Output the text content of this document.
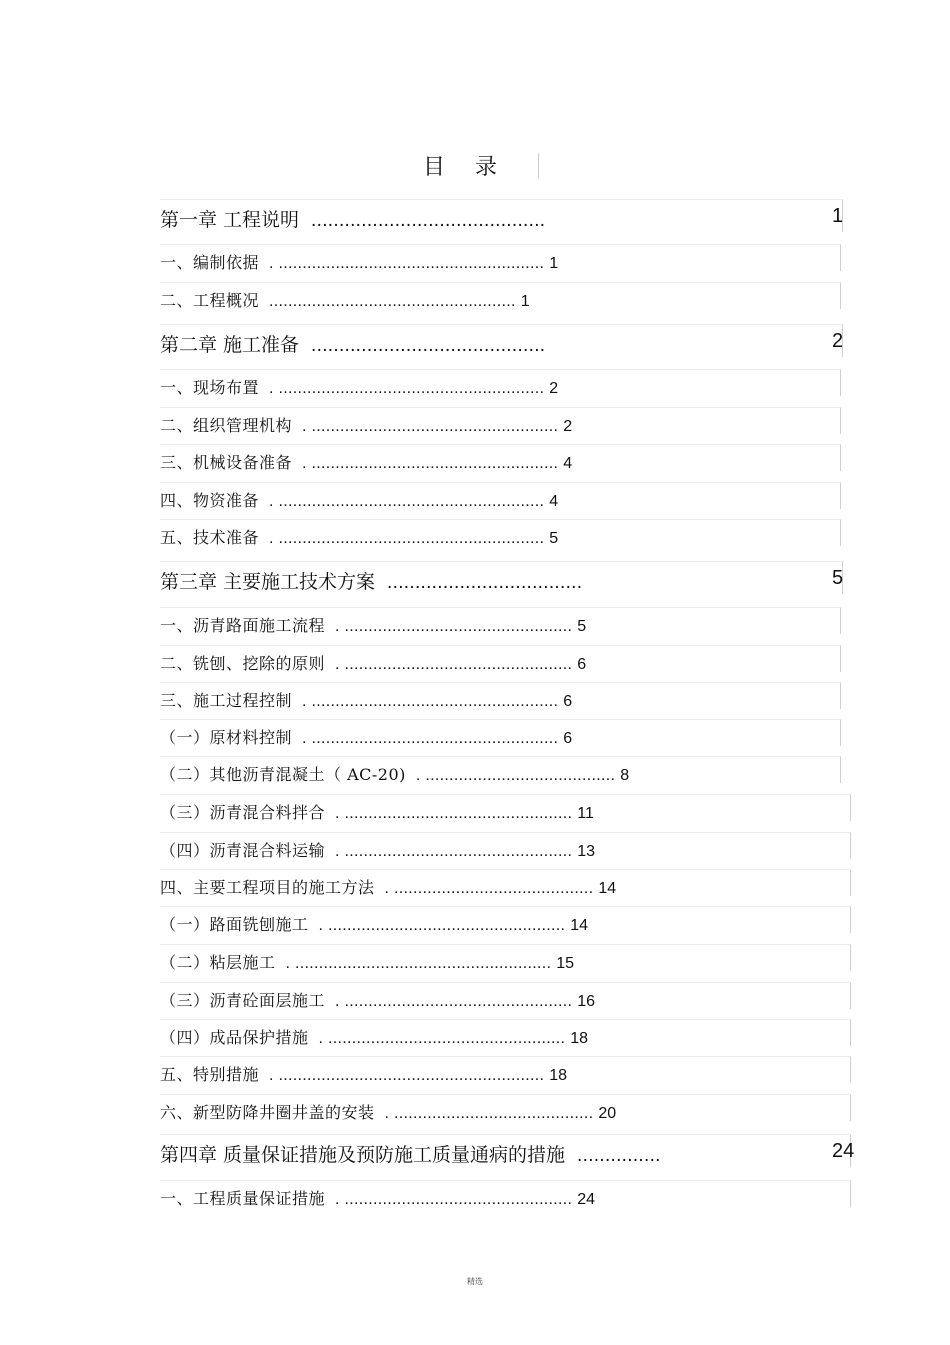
目录
第一章 工程说明 ..........................................	1
一、编制依据 . ........................................................ 1
二、工程概况 .................................................... 1
第二章 施工准备 ..........................................	2
一、现场布置 . ........................................................ 2
二、组织管理机构 . .................................................... 2
三、机械设备准备 . .................................................... 4
四、物资准备 . ........................................................ 4
五、技术准备 . ........................................................ 5
第三章 主要施工技术方案 ...................................	5
一、沥青路面施工流程 . ................................................ 5
二、铣刨、挖除的原则 . ................................................ 6
三、施工过程控制 . .................................................... 6
（一）原材料控制 . .................................................... 6
（二）其他沥青混凝土（ AC-20) . ........................................ 8
（三）沥青混合料拌合 . ................................................ 11
（四）沥青混合料运输 . ................................................ 13
四、主要工程项目的施工方法 . .......................................... 14
（一）路面铣刨施工 . .................................................. 14
（二）粘层施工 . ...................................................... 15
（三）沥青砼面层施工 . ................................................ 16
（四）成品保护措施 . .................................................. 18
五、特别措施 . ........................................................ 18
六、新型防降井圈井盖的安装 . .......................................... 20
第四章 质量保证措施及预防施工质量通病的措施 ...............	24
一、工程质量保证措施 . ................................................ 24
精选
